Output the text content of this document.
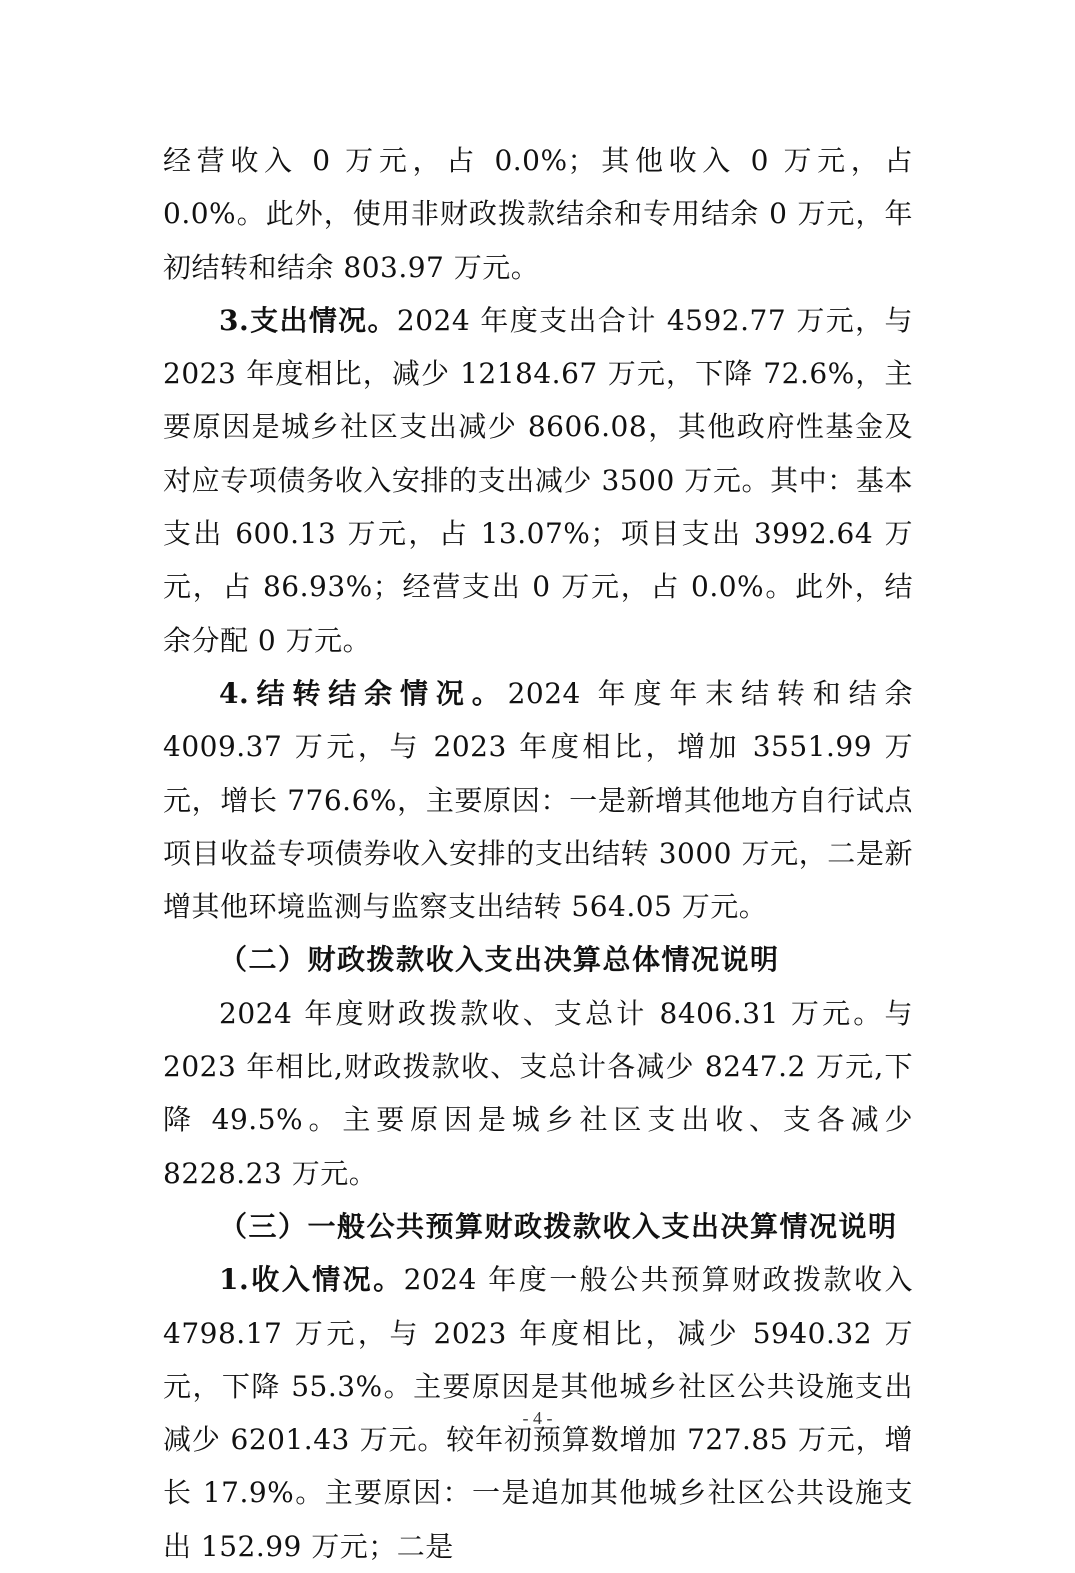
经营收入 0 万元，占 0.0%；其他收入 0 万元，占 0.0%。此外，使用非财政拨款结余和专用结余 0 万元，年初结转和结余 803.97 万元。

3.支出情况。2024 年度支出合计 4592.77 万元，与 2023 年度相比，减少 12184.67 万元，下降 72.6%，主要原因是城乡社区支出减少 8606.08，其他政府性基金及对应专项债务收入安排的支出减少 3500 万元。其中：基本支出 600.13 万元，占 13.07%；项目支出 3992.64 万元，占 86.93%；经营支出 0 万元，占 0.0%。此外，结余分配 0 万元。

4.结转结余情况。2024 年度年末结转和结余 4009.37 万元，与 2023 年度相比，增加 3551.99 万元，增长 776.6%，主要原因：一是新增其他地方自行试点项目收益专项债券收入安排的支出结转 3000 万元，二是新增其他环境监测与监察支出结转 564.05 万元。

（二）财政拨款收入支出决算总体情况说明

2024 年度财政拨款收、支总计 8406.31 万元。与 2023 年相比,财政拨款收、支总计各减少 8247.2 万元,下降 49.5%。主要原因是城乡社区支出收、支各减少 8228.23 万元。

（三）一般公共预算财政拨款收入支出决算情况说明

1.收入情况。2024 年度一般公共预算财政拨款收入 4798.17 万元，与 2023 年度相比，减少 5940.32 万元，下降 55.3%。主要原因是其他城乡社区公共设施支出减少 6201.43 万元。较年初预算数增加 727.85 万元，增长 17.9%。主要原因：一是追加其他城乡社区公共设施支出 152.99 万元；二是

- 4 -
